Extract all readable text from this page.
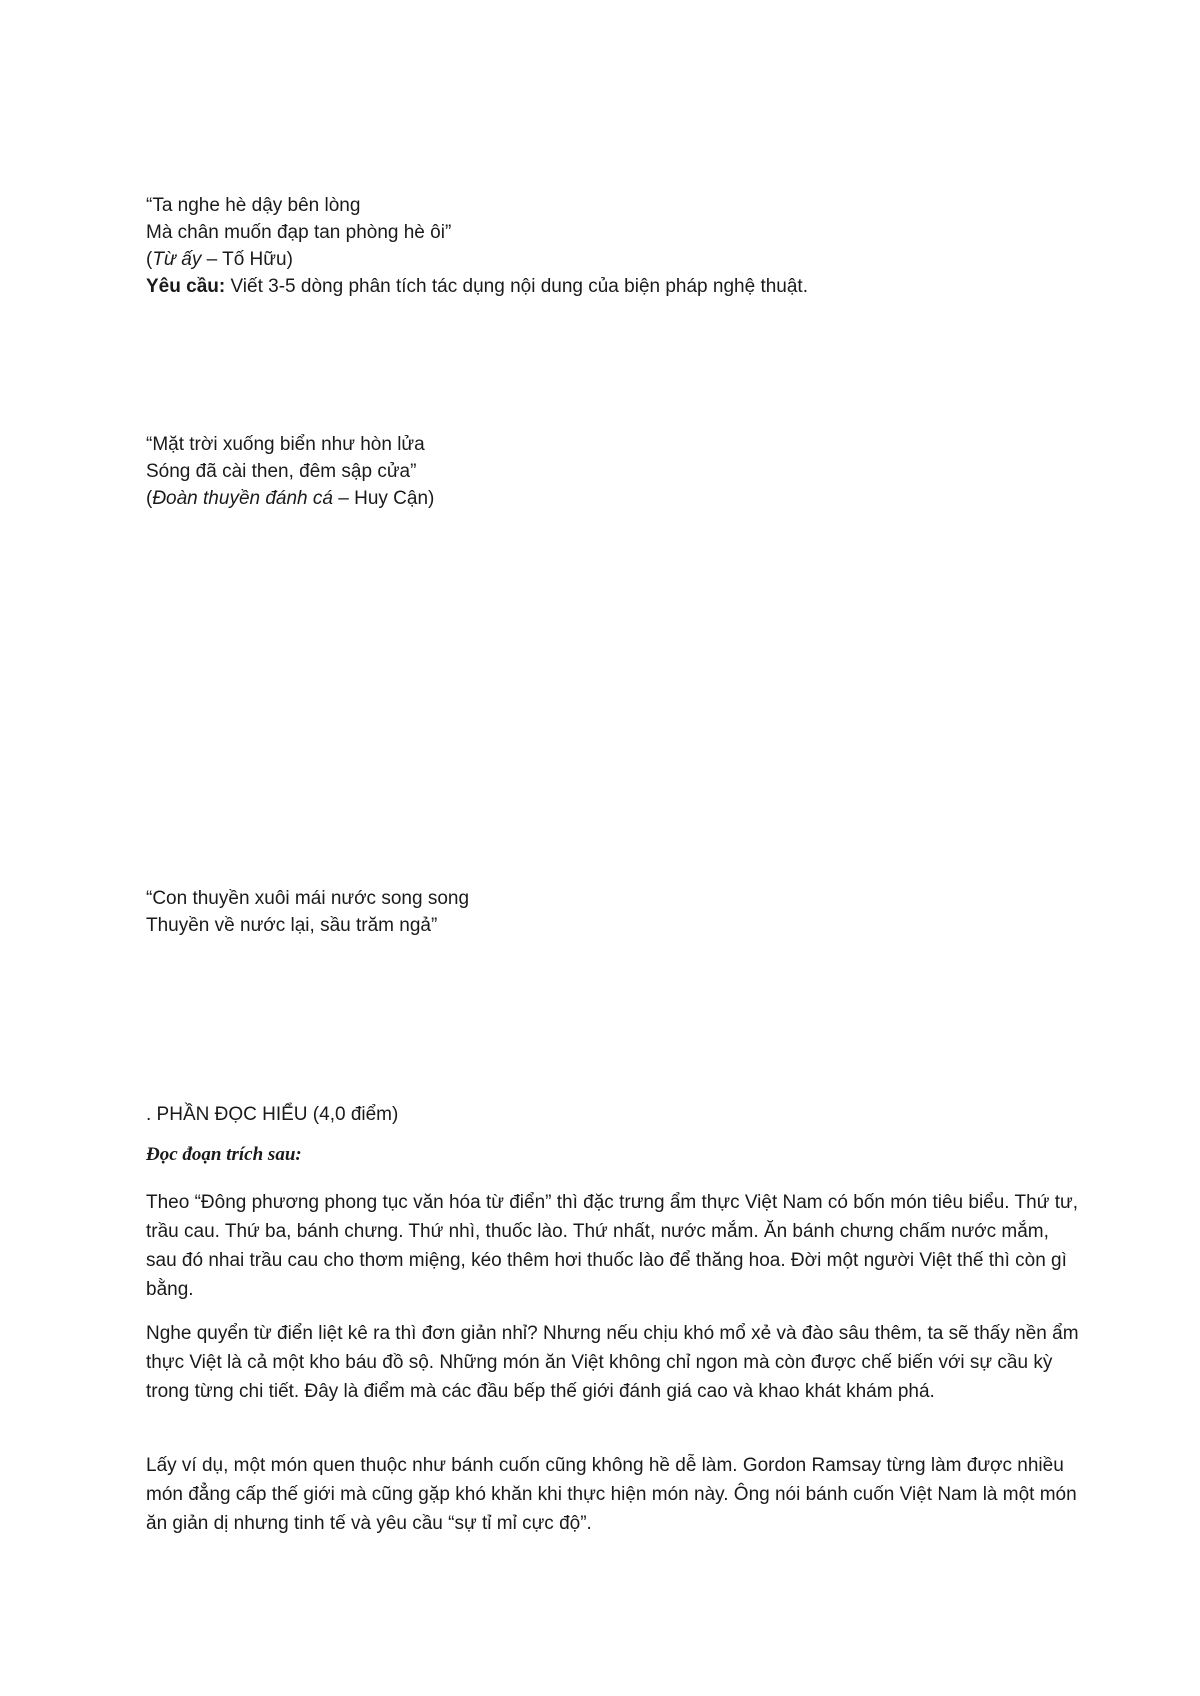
“Ta nghe hè dậy bên lòng
Mà chân muốn đạp tan phòng hè ôi”
(Từ ấy – Tố Hữu)
Yêu cầu: Viết 3-5 dòng phân tích tác dụng nội dung của biện pháp nghệ thuật.
“Mặt trời xuống biển như hòn lửa
Sóng đã cài then, đêm sập cửa”
(Đoàn thuyền đánh cá – Huy Cận)
“Con thuyền xuôi mái nước song song
Thuyền về nước lại, sầu trăm ngả”
. PHẦN ĐỌC HIỂU (4,0 điểm)
Đọc đoạn trích sau:

Theo “Đông phương phong tục văn hóa từ điển” thì đặc trưng ẩm thực Việt Nam có bốn món tiêu biểu. Thứ tư, trầu cau. Thứ ba, bánh chưng. Thứ nhì, thuốc lào. Thứ nhất, nước mắm. Ăn bánh chưng chấm nước mắm, sau đó nhai trầu cau cho thơm miệng, kéo thêm hơi thuốc lào để thăng hoa. Đời một người Việt thế thì còn gì bằng.

Nghe quyển từ điển liệt kê ra thì đơn giản nhỉ? Nhưng nếu chịu khó mổ xẻ và đào sâu thêm, ta sẽ thấy nền ẩm thực Việt là cả một kho báu đồ sộ. Những món ăn Việt không chỉ ngon mà còn được chế biến với sự cầu kỳ trong từng chi tiết. Đây là điểm mà các đầu bếp thế giới đánh giá cao và khao khát khám phá.

Lấy ví dụ, một món quen thuộc như bánh cuốn cũng không hề dễ làm. Gordon Ramsay từng làm được nhiều món đẳng cấp thế giới mà cũng gặp khó khăn khi thực hiện món này. Ông nói bánh cuốn Việt Nam là một món ăn giản dị nhưng tinh tế và yêu cầu “sự tỉ mỉ cực độ”.
